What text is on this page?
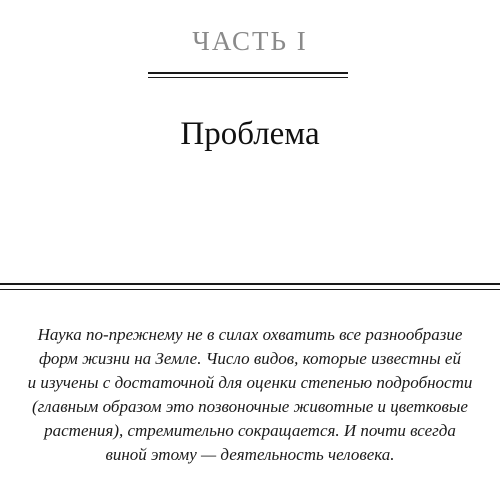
ЧАСТЬ I
Проблема

Наука по-прежнему не в силах охватить все разнообразие
форм жизни на Земле. Число видов, которые известны ей
и изучены с достаточной для оценки степенью подробности
(главным образом это позвоночные животные и цветковые
растения), стремительно сокращается. И почти всегда
виной этому — деятельность человека.
